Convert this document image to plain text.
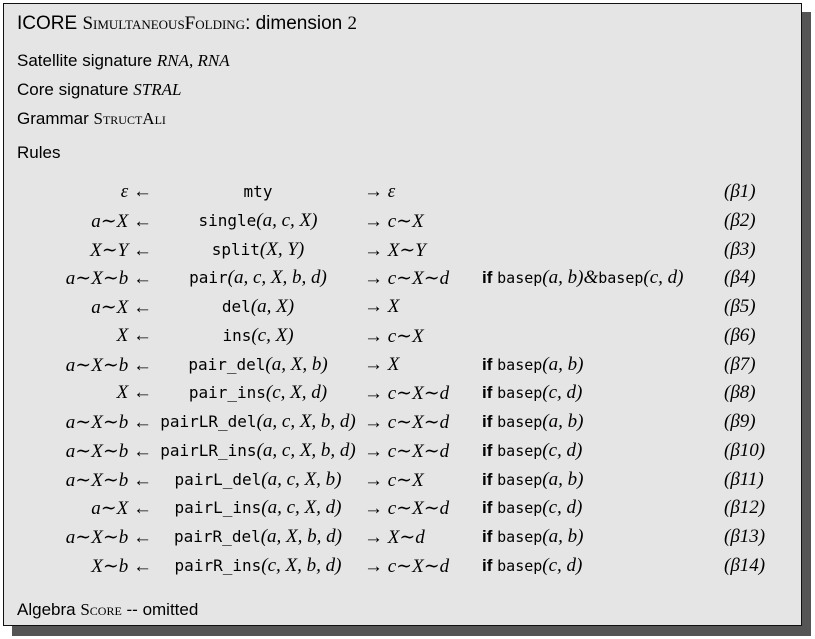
ICORE SimultaneousFolding: dimension 2
Satellite signature RNA, RNA
Core signature STRAL
Grammar StructAli
Rules
ε ←	mty	→ ε	(β1)
a∼X ←	single(a, c, X)	→ c∼X	(β2)
X∼Y ←	split(X, Y)	→ X∼Y	(β3)
a∼X∼b ←	pair(a, c, X, b, d)	→ c∼X∼d if basep(a, b)&basep(c, d) (β4)
a∼X ←	del(a, X)	→ X	(β5)
X ←	ins(c, X)	→ c∼X	(β6)
a∼X∼b ←	pair_del(a, X, b)	→ X	if basep(a, b)	(β7)
X ←	pair_ins(c, X, d)	→ c∼X∼d if basep(c, d)	(β8)
a∼X∼b ← pairLR_del(a, c, X, b, d) → c∼X∼d if basep(a, b)	(β9)
a∼X∼b ← pairLR_ins(a, c, X, b, d) → c∼X∼d if basep(c, d)	(β10)
a∼X∼b ←	pairL_del(a, c, X, b)	→ c∼X	if basep(a, b)	(β11)
a∼X ←	pairL_ins(a, c, X, d)	→ c∼X∼d if basep(c, d)	(β12)
a∼X∼b ←	pairR_del(a, X, b, d)	→ X∼d	if basep(a, b)	(β13)
X∼b ←	pairR_ins(c, X, b, d)	→ c∼X∼d if basep(c, d)	(β14)
Algebra Score -- omitted
